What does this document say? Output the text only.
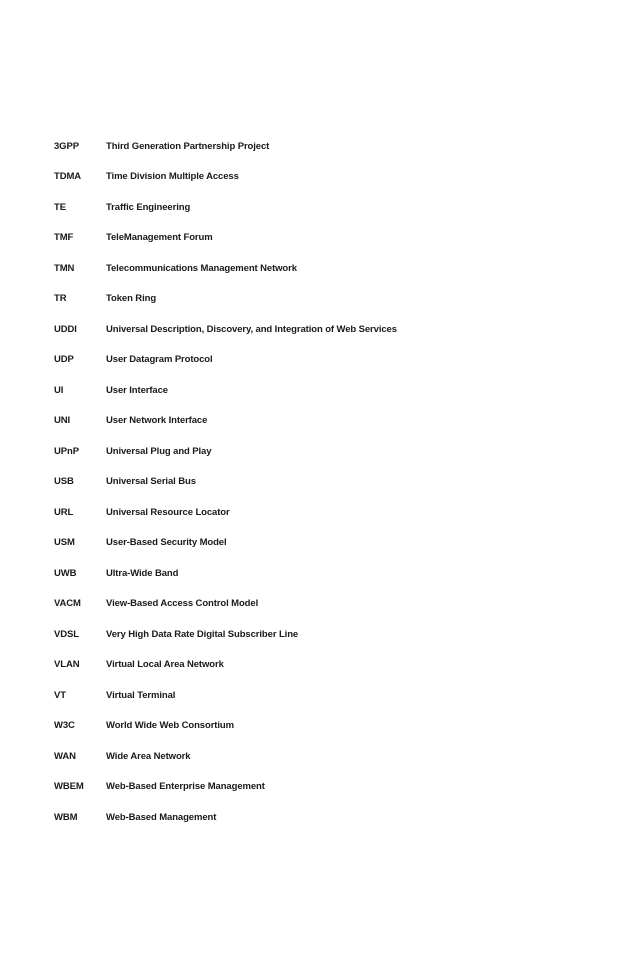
3GPP	Third Generation Partnership Project
TDMA	Time Division Multiple Access
TE	Traffic Engineering
TMF	TeleManagement Forum
TMN	Telecommunications Management Network
TR	Token Ring
UDDI	Universal Description, Discovery, and Integration of Web Services
UDP	User Datagram Protocol
UI	User Interface
UNI	User Network Interface
UPnP	Universal Plug and Play
USB	Universal Serial Bus
URL	Universal Resource Locator
USM	User-Based Security Model
UWB	Ultra-Wide Band
VACM	View-Based Access Control Model
VDSL	Very High Data Rate Digital Subscriber Line
VLAN	Virtual Local Area Network
VT	Virtual Terminal
W3C	World Wide Web Consortium
WAN	Wide Area Network
WBEM	Web-Based Enterprise Management
WBM	Web-Based Management
